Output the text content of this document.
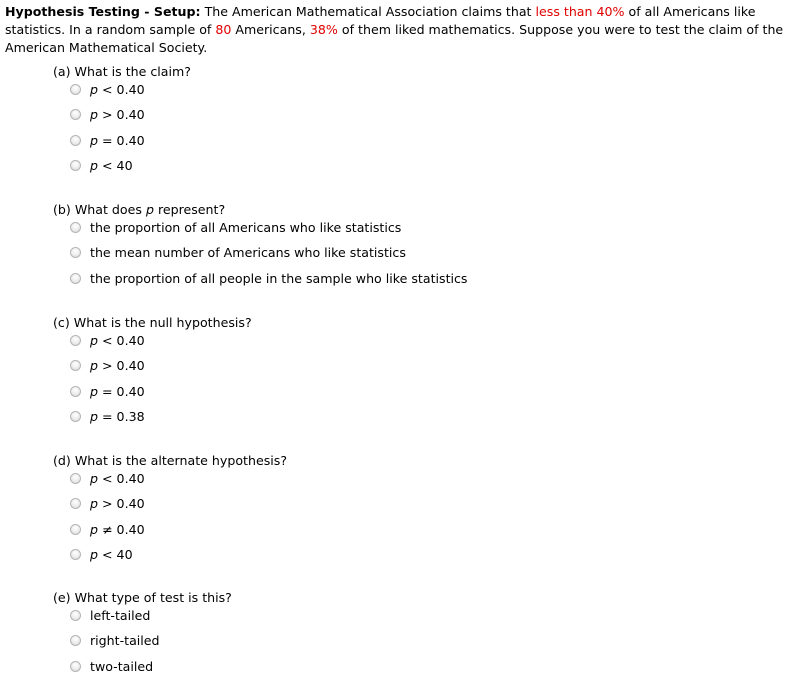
Hypothesis Testing - Setup: The American Mathematical Association claims that less than 40% of all Americans like statistics. In a random sample of 80 Americans, 38% of them liked mathematics. Suppose you were to test the claim of the American Mathematical Society.
(a) What is the claim?
p < 0.40
p > 0.40
p = 0.40
p < 40
(b) What does p represent?
the proportion of all Americans who like statistics
the mean number of Americans who like statistics
the proportion of all people in the sample who like statistics
(c) What is the null hypothesis?
p < 0.40
p > 0.40
p = 0.40
p = 0.38
(d) What is the alternate hypothesis?
p < 0.40
p > 0.40
p ≠ 0.40
p < 40
(e) What type of test is this?
left-tailed
right-tailed
two-tailed
